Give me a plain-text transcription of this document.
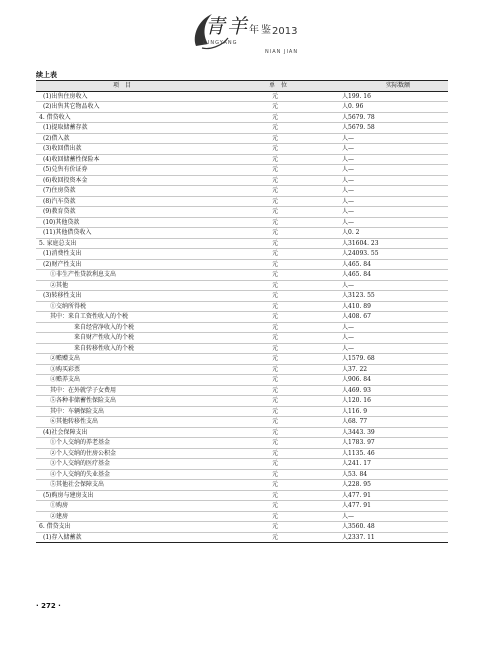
青羊年鉴 2013
QINGYANG
NIAN JIAN
续上表
项　目	单　位		实际数额
(1)出售住房收入	元	人	199. 16
(2)出售其它物品收入	元	人	0. 96
4. 借贷收入	元	人	5679. 78
(1)提取储蓄存款	元	人	5679. 58
(2)借入款	元	人	—
(3)收回借出款	元	人	—
(4)收回储蓄性保险本	元	人	—
(5)兑售有价证券	元	人	—
(6)收回投资本金	元	人	—
(7)住房贷款	元	人	—
(8)汽车贷款	元	人	—
(9)教育贷款	元	人	—
(10)其他贷款	元	人	—
(11)其他借贷收入	元	人	0. 2
5. 家庭总支出	元	人	31604. 23
(1)消费性支出	元	人	24093. 55
(2)财产性支出	元	人	465. 84
①非生产性贷款利息支出	元	人	465. 84
②其他	元	人	—
(3)转移性支出	元	人	3123. 55
①交纳所得税	元	人	410. 89
其中：来自工资性收入的个税	元	人	408. 67
来自经营净收入的个税	元	人	—
来自财产性收入的个税	元	人	—
来自转移性收入的个税	元	人	—
②赡赠支出	元	人	1579. 68
③购买彩票	元	人	37. 22
④赡养支出	元	人	906. 84
其中：在外就学子女费用	元	人	469. 93
⑤各种非储蓄性保险支出	元	人	120. 16
其中：车辆保险支出	元	人	116. 9
⑥其他转移性支出	元	人	68. 77
(4)社会保障支出	元	人	3443. 39
①个人交纳的养老基金	元	人	1783. 97
②个人交纳的住房公积金	元	人	1135. 46
③个人交纳的医疗基金	元	人	241. 17
④个人交纳的失业基金	元	人	53. 84
⑤其他社会保障支出	元	人	228. 95
(5)购房与建房支出	元	人	477. 91
①购房	元	人	477. 91
②建房	元	人	—
6. 借贷支出	元	人	3560. 48
(1)存入储蓄款	元	人	2337. 11
· 272 ·
